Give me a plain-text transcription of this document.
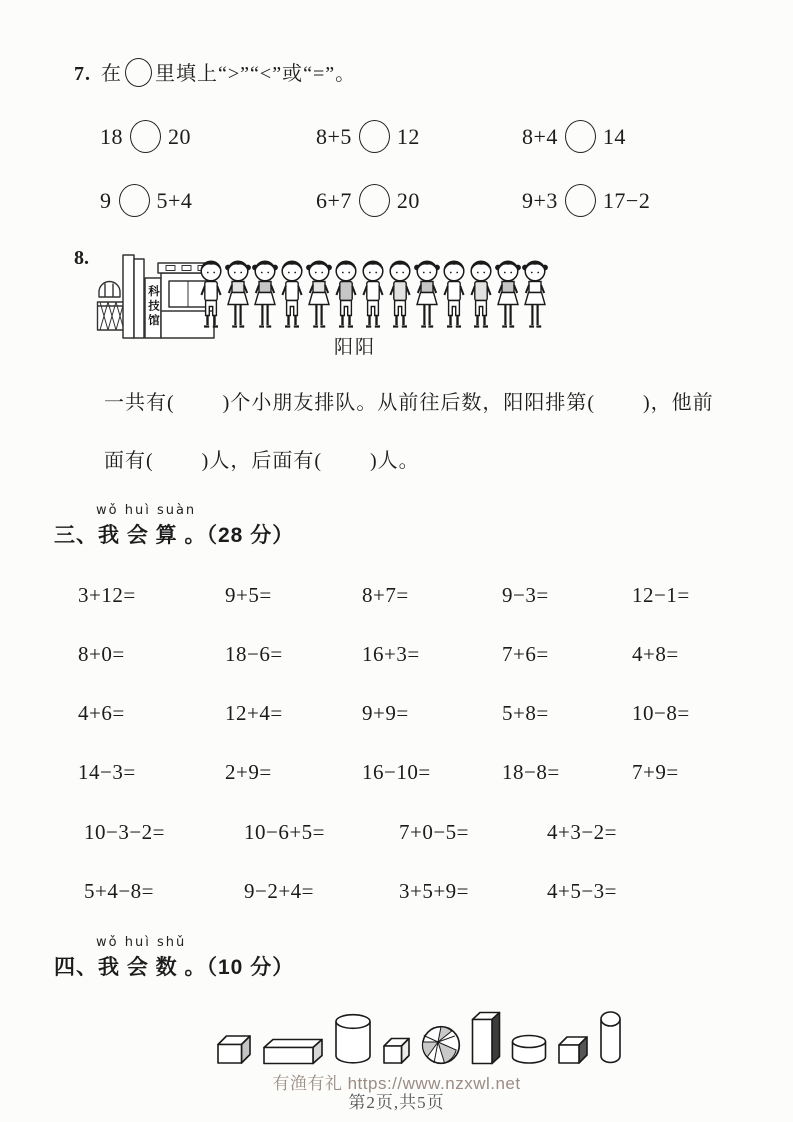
7. 在 里填上“>”“<”或“=”。
18 20	8+5 12	8+4 14
9 5+4	6+7 20	9+3 17−2
8.
科技馆
阳阳

一共有(        )个小朋友排队。从前往后数，阳阳排第(        )，他前

面有(        )人，后面有(        )人。

wǒ huì suàn
三、我 会 算 。（28 分）
3+12=	9+5=	8+7=	9−3=	12−1=
8+0=	18−6=	16+3=	7+6=	4+8=
4+6=	12+4=	9+9=	5+8=	10−8=
14−3=	2+9=	16−10=	18−8=	7+9=
10−3−2=	10−6+5=	7+0−5=	4+3−2=
5+4−8=	9−2+4=	3+5+9=	4+5−3=
wǒ huì shǔ
四、我 会 数 。（10 分）
有渔有礼 https://www.nzxwl.net
第2页,共5页
